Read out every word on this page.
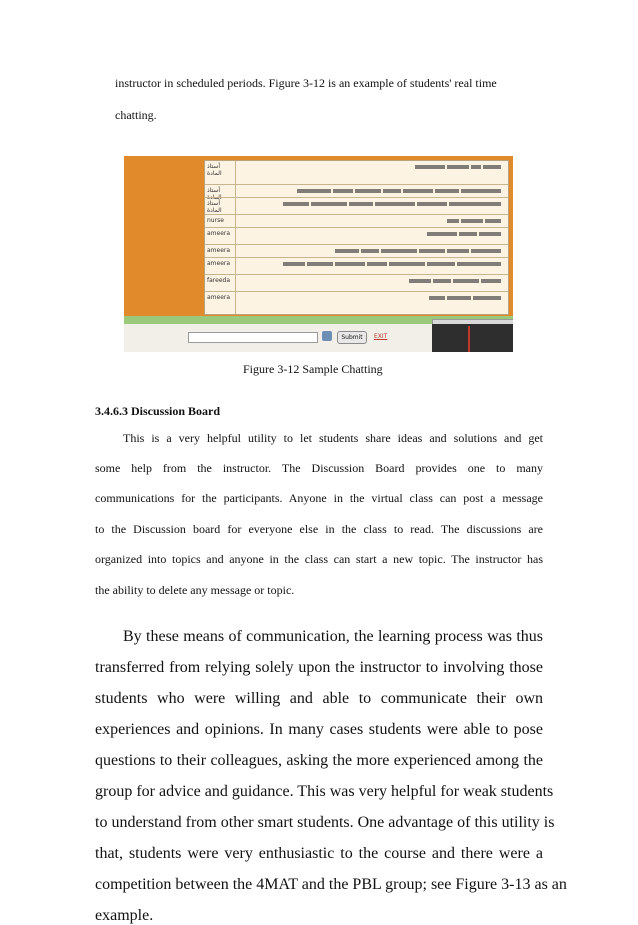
instructor in scheduled periods. Figure 3-12 is an example of students' real time
chatting.
أستاذ المادة
أستاذ المادة
أستاذ المادة
nurse
ameera
ameera
ameera
fareeda
ameera
Submit	EXIT
Figure 3-12 Sample Chatting
3.4.6.3 Discussion Board
This is a very helpful utility to let students share ideas and solutions and get
some help from the instructor. The Discussion Board provides one to many
communications for the participants. Anyone in the virtual class can post a message
to the Discussion board for everyone else in the class to read. The discussions are
organized into topics and anyone in the class can start a new topic. The instructor has
the ability to delete any message or topic.
By these means of communication, the learning process was thus
transferred from relying solely upon the instructor to involving those
students who were willing and able to communicate their own
experiences and opinions. In many cases students were able to pose
questions to their colleagues, asking the more experienced among the
group for advice and guidance. This was very helpful for weak students
to understand from other smart students. One advantage of this utility is
that, students were very enthusiastic to the course and there were a
competition between the 4MAT and the PBL group; see Figure 3-13 as an
example.
